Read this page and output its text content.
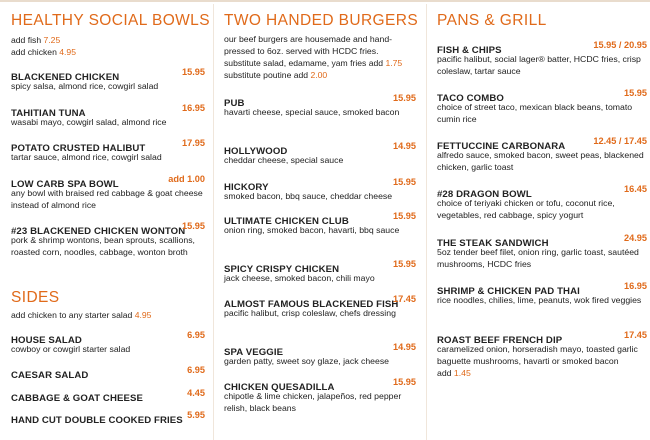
HEALTHY SOCIAL BOWLS
add fish 7.25
add chicken 4.95
BLACKENED CHICKEN	15.95
spicy salsa, almond rice, cowgirl salad
TAHITIAN TUNA	16.95
wasabi mayo, cowgirl salad, almond rice
POTATO CRUSTED HALIBUT	17.95
tartar sauce, almond rice, cowgirl salad
LOW CARB SPA BOWL	add 1.00
any bowl with braised red cabbage & goat cheese instead of almond rice
#23 BLACKENED CHICKEN WONTON
15.95
pork & shrimp wontons, bean sprouts, scallions, roasted corn, noodles, cabbage, wonton broth
SIDES
add chicken to any starter salad 4.95
HOUSE SALAD	6.95
cowboy or cowgirl starter salad
CAESAR SALAD	6.95
CABBAGE & GOAT CHEESE	4.45
HAND CUT DOUBLE COOKED FRIES 5.95
TWO HANDED BURGERS
our beef burgers are housemade and hand-pressed to 6oz. served with HCDC fries.
substitute salad, edamame, yam fries add 1.75
substitute poutine add 2.00
PUB	15.95
havarti cheese, special sauce, smoked bacon
HOLLYWOOD	14.95
cheddar cheese, special sauce
HICKORY	15.95
smoked bacon, bbq sauce, cheddar cheese
ULTIMATE CHICKEN CLUB	15.95
onion ring, smoked bacon, havarti, bbq sauce
SPICY CRISPY CHICKEN	15.95
jack cheese, smoked bacon, chili mayo
ALMOST FAMOUS BLACKENED FISH
17.45
pacific halibut, crisp coleslaw, chefs dressing
SPA VEGGIE	14.95
garden patty, sweet soy glaze, jack cheese
CHICKEN QUESADILLA	15.95
chipotle & lime chicken, jalapeños, red pepper relish, black beans
PANS & GRILL
FISH & CHIPS	15.95 / 20.95
pacific halibut, social lager® batter, HCDC fries, crisp coleslaw, tartar sauce
TACO COMBO	15.95
choice of street taco, mexican black beans, tomato cumin rice
FETTUCCINE CARBONARA	12.45 / 17.45
alfredo sauce, smoked bacon, sweet peas, blackened chicken, garlic toast
#28 DRAGON BOWL	16.45
choice of teriyaki chicken or tofu, coconut rice, vegetables, red cabbage, spicy yogurt
THE STEAK SANDWICH	24.95
5oz tender beef filet, onion ring, garlic toast, sautéed mushrooms, HCDC fries
SHRIMP & CHICKEN PAD THAI	16.95
rice noodles, chilies, lime, peanuts, wok fired veggies
ROAST BEEF FRENCH DIP	17.45
caramelized onion, horseradish mayo, toasted garlic baguette mushrooms, havarti or smoked bacon
add 1.45
